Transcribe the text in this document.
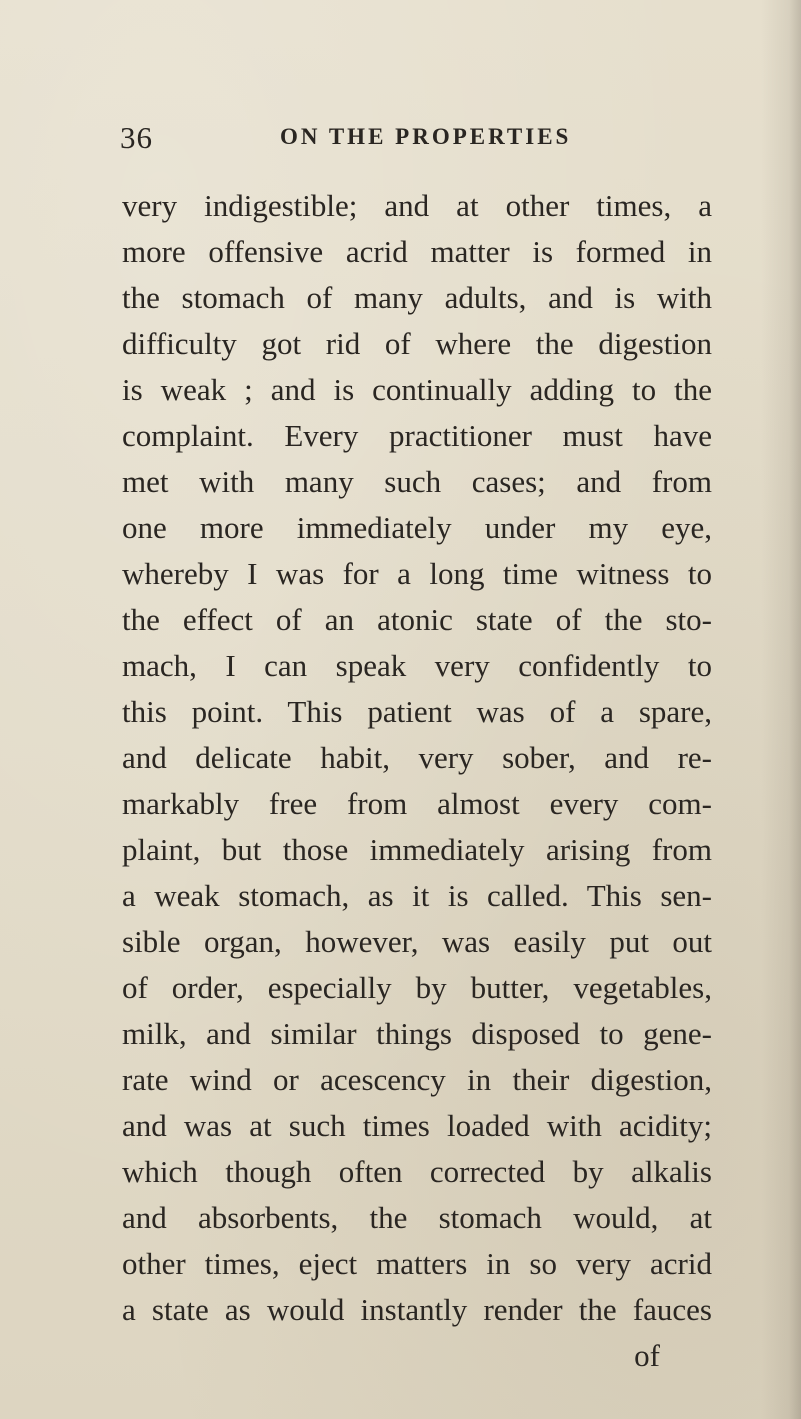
36	ON THE PROPERTIES
very indigestible; and at other times, a
more offensive acrid matter is formed in
the stomach of many adults, and is with
difficulty got rid of where the digestion
is weak ; and is continually adding to the
complaint. Every practitioner must have
met with many such cases; and from
one more immediately under my eye,
whereby I was for a long time witness to
the effect of an atonic state of the sto-
mach, I can speak very confidently to
this point. This patient was of a spare,
and delicate habit, very sober, and re-
markably free from almost every com-
plaint, but those immediately arising from
a weak stomach, as it is called. This sen-
sible organ, however, was easily put out
of order, especially by butter, vegetables,
milk, and similar things disposed to gene-
rate wind or acescency in their digestion,
and was at such times loaded with acidity;
which though often corrected by alkalis
and absorbents, the stomach would, at
other times, eject matters in so very acrid
a state as would instantly render the fauces
of
